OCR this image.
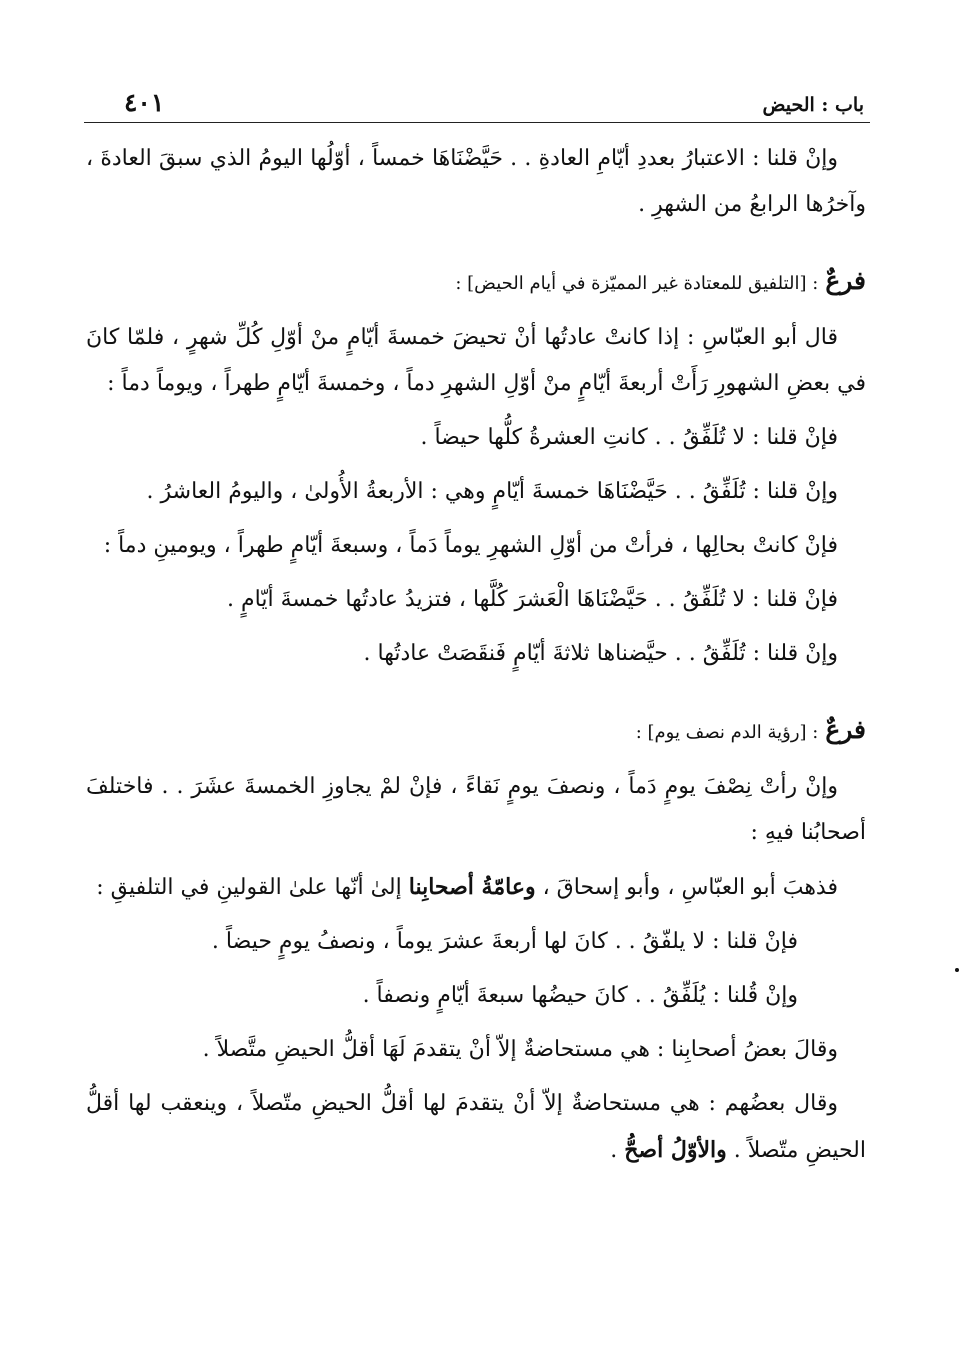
باب : الحيض
٤٠١

وإنْ قلنا : الاعتبارُ بعددِ أيّامِ العادةِ . . حَيَّضْنَاهَا خمساً ، أوّلُها اليومُ الذي سبقَ العادةَ ، وآخرُها الرابعُ من الشهرِ .

فرعٌ : [التلفيق للمعتادة غير المميّزة في أيام الحيض] :

قال أبو العبّاسِ : إذا كانتْ عادتُها أنْ تحيضَ خمسةَ أيّامٍ منْ أوّلِ كُلِّ شهرٍ ، فلمّا كانَ في بعضِ الشهورِ رَأَتْ أربعةَ أيّامٍ منْ أوّلِ الشهرِ دماً ، وخمسةَ أيّامٍ طهراً ، ويوماً دماً :

فإنْ قلنا : لا تُلَفِّقُ . . كانتِ العشرةُ كلُّها حيضاً .

وإنْ قلنا : تُلَفِّقُ . . حَيَّضْنَاهَا خمسةَ أيّامٍ وهي : الأربعةُ الأُولىٰ ، واليومُ العاشرُ .

فإنْ كانتْ بحالِها ، فرأتْ من أوّلِ الشهرِ يوماً دَماً ، وسبعةَ أيّامٍ طهراً ، ويومينِ دماً :

فإنْ قلنا : لا تُلَفِّقُ . . حَيَّضْنَاهَا الْعَشرَ كُلَّها ، فتزيدُ عادتُها خمسةَ أيّامٍ .

وإنْ قلنا : تُلَفِّقُ . . حيَّضناها ثلاثةَ أيّامٍ فَنقَصَتْ عادتُها .

فرعٌ : [رؤية الدم نصف يوم] :

وإنْ رأتْ نِصْفَ يومٍ دَماً ، ونصفَ يومٍ نَقاءً ، فإنْ لمْ يجاوزِ الخمسةَ عشَرَ . . فاختلفَ أصحابُنا فيهِ :

فذهبَ أبو العبّاسِ ، وأبو إسحاقَ ، وعامّةُ أصحابِنا إلىٰ أنّها علىٰ القولينِ في التلفيقِ :

فإنْ قلنا : لا يلفّقُ . . كانَ لها أربعةَ عشرَ يوماً ، ونصفُ يومٍ حيضاً .

وإنْ قُلنا : يُلَفِّقُ . . كانَ حيضُها سبعةَ أيّامٍ ونصفاً .

وقالَ بعضُ أصحابِنا : هي مستحاضةٌ إلاّ أنْ يتقدمَ لَهَا أقلُّ الحيضِ متَّصلاً .

وقال بعضُهم : هي مستحاضةٌ إلاّ أنْ يتقدمَ لها أقلُّ الحيضِ متّصلاً ، وينعقب لها أقلُّ الحيضِ متّصلاً . والأوّلُ أصحُّ .
